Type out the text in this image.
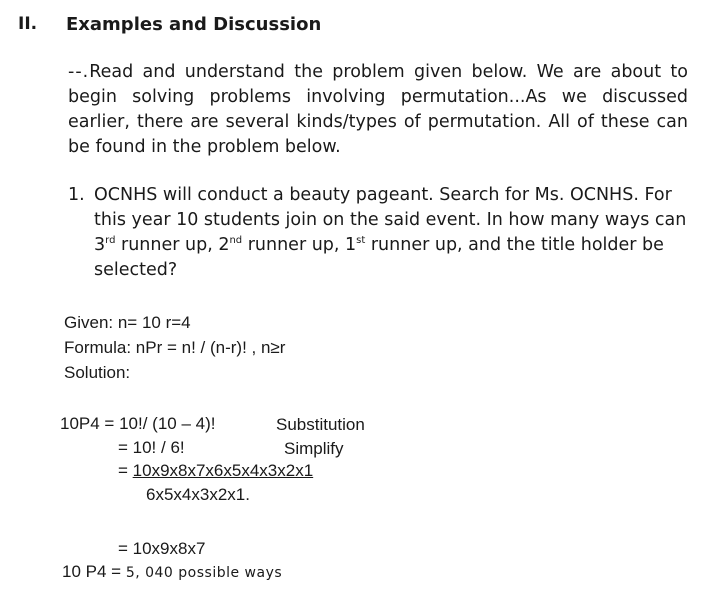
II. Examples and Discussion
--.Read and understand the problem given below. We are about to begin solving problems involving permutation...As we discussed earlier, there are several kinds/types of permutation. All of these can be found in the problem below.
1. OCNHS will conduct a beauty pageant. Search for Ms. OCNHS. For this year 10 students join on the said event. In how many ways can 3rd runner up, 2nd runner up, 1st runner up, and the title holder be selected?
Given: n= 10 r=4
Formula: nPr = n! / (n-r)! , n≥r
Solution:
10P4 = 10!/ (10 – 4)!	Substitution
= 10! / 6!	Simplify
= 10x9x8x7x6x5x4x3x2x1
6x5x4x3x2x1.
= 10x9x8x7
10 P4 = 5, 040 possible ways
